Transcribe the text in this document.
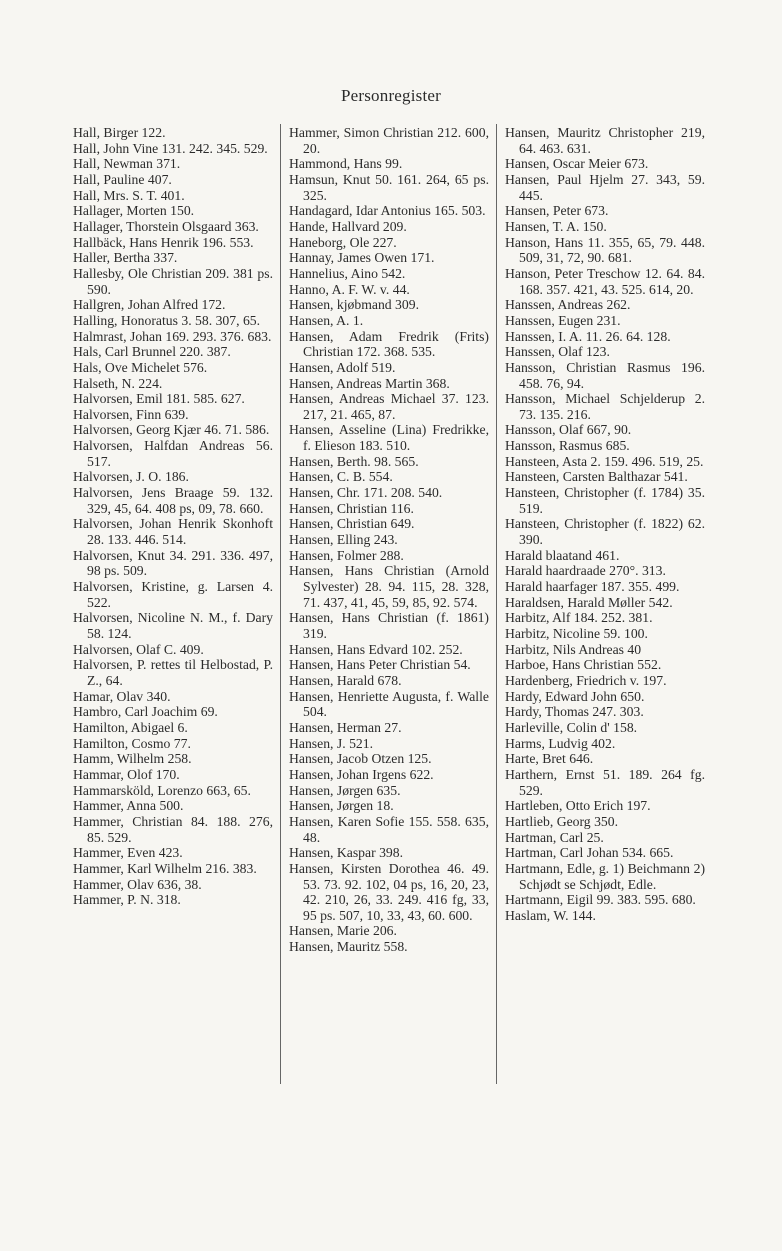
Personregister

Hall, Birger 122.

Hall, John Vine 131. 242. 345. 529.

Hall, Newman 371.

Hall, Pauline 407.

Hall, Mrs. S. T. 401.

Hallager, Morten 150.

Hallager, Thorstein Olsgaard 363.

Hallbäck, Hans Henrik 196. 553.

Haller, Bertha 337.

Hallesby, Ole Christian 209. 381 ps. 590.

Hallgren, Johan Alfred 172.

Halling, Honoratus 3. 58. 307, 65.

Halmrast, Johan 169. 293. 376. 683.

Hals, Carl Brunnel 220. 387.

Hals, Ove Michelet 576.

Halseth, N. 224.

Halvorsen, Emil 181. 585. 627.

Halvorsen, Finn 639.

Halvorsen, Georg Kjær 46. 71. 586.

Halvorsen, Halfdan Andreas 56. 517.

Halvorsen, J. O. 186.

Halvorsen, Jens Braage 59. 132. 329, 45, 64. 408 ps, 09, 78. 660.

Halvorsen, Johan Henrik Skonhoft 28. 133. 446. 514.

Halvorsen, Knut 34. 291. 336. 497, 98 ps. 509.

Halvorsen, Kristine, g. Larsen 4. 522.

Halvorsen, Nicoline N. M., f. Dary 58. 124.

Halvorsen, Olaf C. 409.

Halvorsen, P. rettes til Helbostad, P. Z., 64.

Hamar, Olav 340.

Hambro, Carl Joachim 69.

Hamilton, Abigael 6.

Hamilton, Cosmo 77.

Hamm, Wilhelm 258.

Hammar, Olof 170.

Hammarsköld, Lorenzo 663, 65.

Hammer, Anna 500.

Hammer, Christian 84. 188. 276, 85. 529.

Hammer, Even 423.

Hammer, Karl Wilhelm 216. 383.

Hammer, Olav 636, 38.

Hammer, P. N. 318.

Hammer, Simon Christian 212. 600, 20.

Hammond, Hans 99.

Hamsun, Knut 50. 161. 264, 65 ps. 325.

Handagard, Idar Antonius 165. 503.

Hande, Hallvard 209.

Haneborg, Ole 227.

Hannay, James Owen 171.

Hannelius, Aino 542.

Hanno, A. F. W. v. 44.

Hansen, kjøbmand 309.

Hansen, A. 1.

Hansen, Adam Fredrik (Frits) Christian 172. 368. 535.

Hansen, Adolf 519.

Hansen, Andreas Martin 368.

Hansen, Andreas Michael 37. 123. 217, 21. 465, 87.

Hansen, Asseline (Lina) Fredrikke, f. Elieson 183. 510.

Hansen, Berth. 98. 565.

Hansen, C. B. 554.

Hansen, Chr. 171. 208. 540.

Hansen, Christian 116.

Hansen, Christian 649.

Hansen, Elling 243.

Hansen, Folmer 288.

Hansen, Hans Christian (Arnold Sylvester) 28. 94. 115, 28. 328, 71. 437, 41, 45, 59, 85, 92. 574.

Hansen, Hans Christian (f. 1861) 319.

Hansen, Hans Edvard 102. 252.

Hansen, Hans Peter Christian 54.

Hansen, Harald 678.

Hansen, Henriette Augusta, f. Walle 504.

Hansen, Herman 27.

Hansen, J. 521.

Hansen, Jacob Otzen 125.

Hansen, Johan Irgens 622.

Hansen, Jørgen 635.

Hansen, Jørgen 18.

Hansen, Karen Sofie 155. 558. 635, 48.

Hansen, Kaspar 398.

Hansen, Kirsten Dorothea 46. 49. 53. 73. 92. 102, 04 ps, 16, 20, 23, 42. 210, 26, 33. 249. 416 fg, 33, 95 ps. 507, 10, 33, 43, 60. 600.

Hansen, Marie 206.

Hansen, Mauritz 558.

Hansen, Mauritz Christopher 219, 64. 463. 631.

Hansen, Oscar Meier 673.

Hansen, Paul Hjelm 27. 343, 59. 445.

Hansen, Peter 673.

Hansen, T. A. 150.

Hanson, Hans 11. 355, 65, 79. 448. 509, 31, 72, 90. 681.

Hanson, Peter Treschow 12. 64. 84. 168. 357. 421, 43. 525. 614, 20.

Hanssen, Andreas 262.

Hanssen, Eugen 231.

Hanssen, I. A. 11. 26. 64. 128.

Hanssen, Olaf 123.

Hansson, Christian Rasmus 196. 458. 76, 94.

Hansson, Michael Schjelderup 2. 73. 135. 216.

Hansson, Olaf 667, 90.

Hansson, Rasmus 685.

Hansteen, Asta 2. 159. 496. 519, 25.

Hansteen, Carsten Balthazar 541.

Hansteen, Christopher (f. 1784) 35. 519.

Hansteen, Christopher (f. 1822) 62. 390.

Harald blaatand 461.

Harald haardraade 270°. 313.

Harald haarfager 187. 355. 499.

Haraldsen, Harald Møller 542.

Harbitz, Alf 184. 252. 381.

Harbitz, Nicoline 59. 100.

Harbitz, Nils Andreas 40

Harboe, Hans Christian 552.

Hardenberg, Friedrich v. 197.

Hardy, Edward John 650.

Hardy, Thomas 247. 303.

Harleville, Colin d' 158.

Harms, Ludvig 402.

Harte, Bret 646.

Harthern, Ernst 51. 189. 264 fg. 529.

Hartleben, Otto Erich 197.

Hartlieb, Georg 350.

Hartman, Carl 25.

Hartman, Carl Johan 534. 665.

Hartmann, Edle, g. 1) Beichmann 2) Schjødt se Schjødt, Edle.

Hartmann, Eigil 99. 383. 595. 680.

Haslam, W. 144.
